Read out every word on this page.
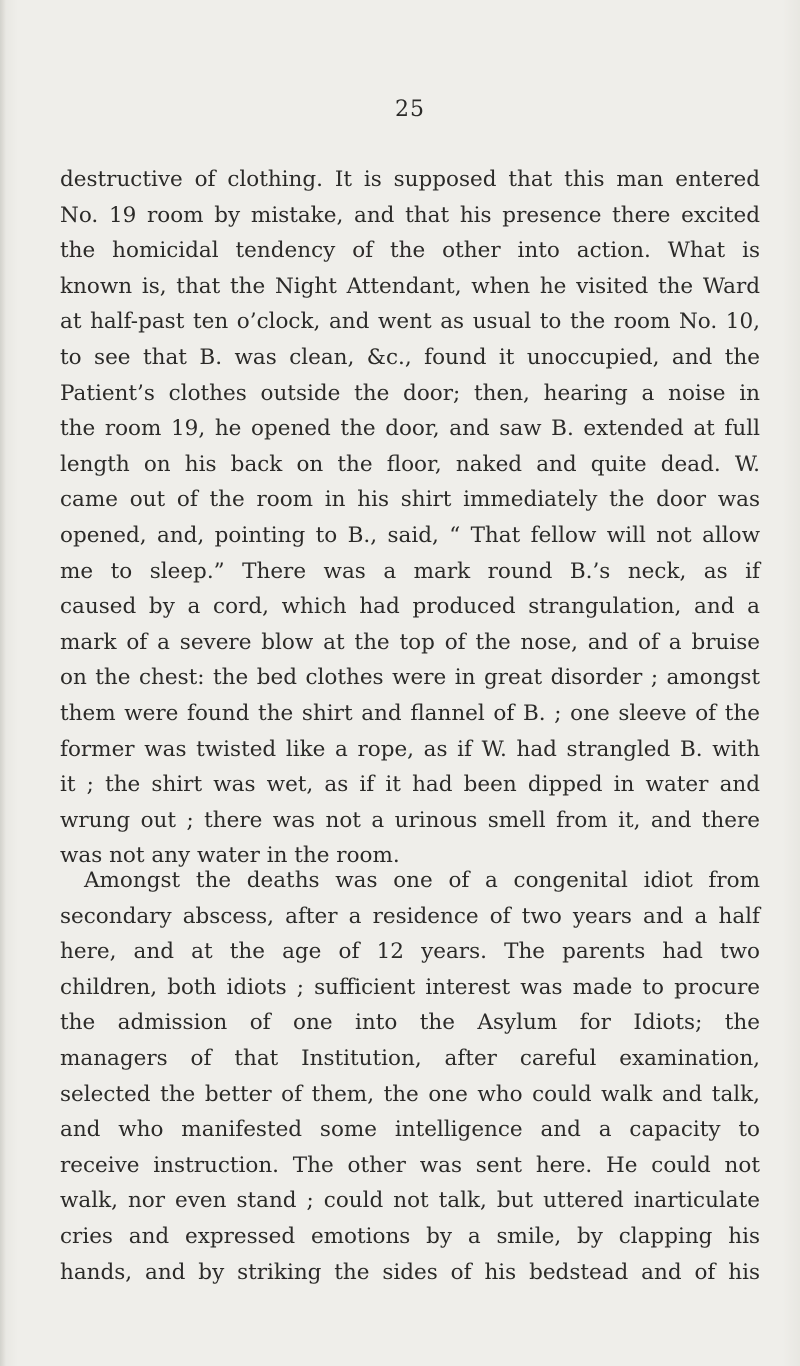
25
destructive of clothing. It is supposed that this man entered
No. 19 room by mistake, and that his presence there excited
the homicidal tendency of the other into action. What is
known is, that the Night Attendant, when he visited the Ward
at half-past ten o’clock, and went as usual to the room No. 10,
to see that B. was clean, &c., found it unoccupied, and the
Patient’s clothes outside the door; then, hearing a noise in
the room 19, he opened the door, and saw B. extended at full
length on his back on the floor, naked and quite dead. W.
came out of the room in his shirt immediately the door was
opened, and, pointing to B., said, “ That fellow will not allow
me to sleep.” There was a mark round B.’s neck, as if
caused by a cord, which had produced strangulation, and a
mark of a severe blow at the top of the nose, and of a bruise
on the chest: the bed clothes were in great disorder ; amongst
them were found the shirt and flannel of B. ; one sleeve of the
former was twisted like a rope, as if W. had strangled B. with
it ; the shirt was wet, as if it had been dipped in water and
wrung out ; there was not a urinous smell from it, and there
was not any water in the room.
Amongst the deaths was one of a congenital idiot from
secondary abscess, after a residence of two years and a half
here, and at the age of 12 years. The parents had two
children, both idiots ; sufficient interest was made to procure
the admission of one into the Asylum for Idiots; the
managers of that Institution, after careful examination,
selected the better of them, the one who could walk and talk,
and who manifested some intelligence and a capacity to
receive instruction. The other was sent here. He could not
walk, nor even stand ; could not talk, but uttered inarticulate
cries and expressed emotions by a smile, by clapping his
hands, and by striking the sides of his bedstead and of his
